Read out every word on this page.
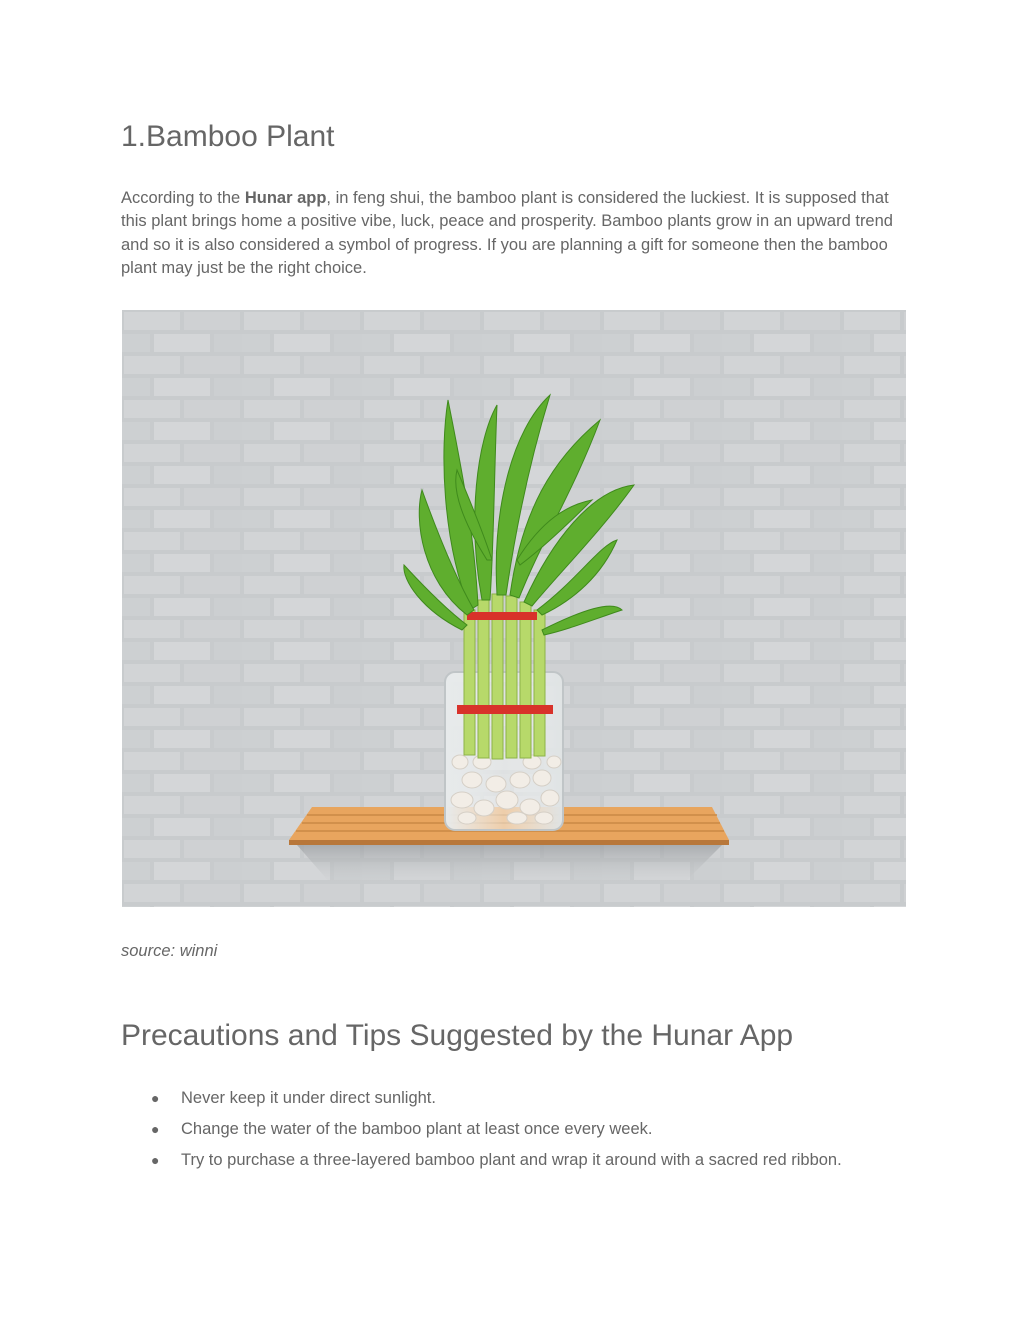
1.Bamboo Plant

According to the Hunar app, in feng shui, the bamboo plant is considered the luckiest. It is supposed that this plant brings home a positive vibe, luck, peace and prosperity. Bamboo plants grow in an upward trend and so it is also considered a symbol of progress. If you are planning a gift for someone then the bamboo plant may just be the right choice.

source: winni

Precautions and Tips Suggested by the Hunar App
● Never keep it under direct sunlight.
● Change the water of the bamboo plant at least once every week.
● Try to purchase a three-layered bamboo plant and wrap it around with a sacred red ribbon.
